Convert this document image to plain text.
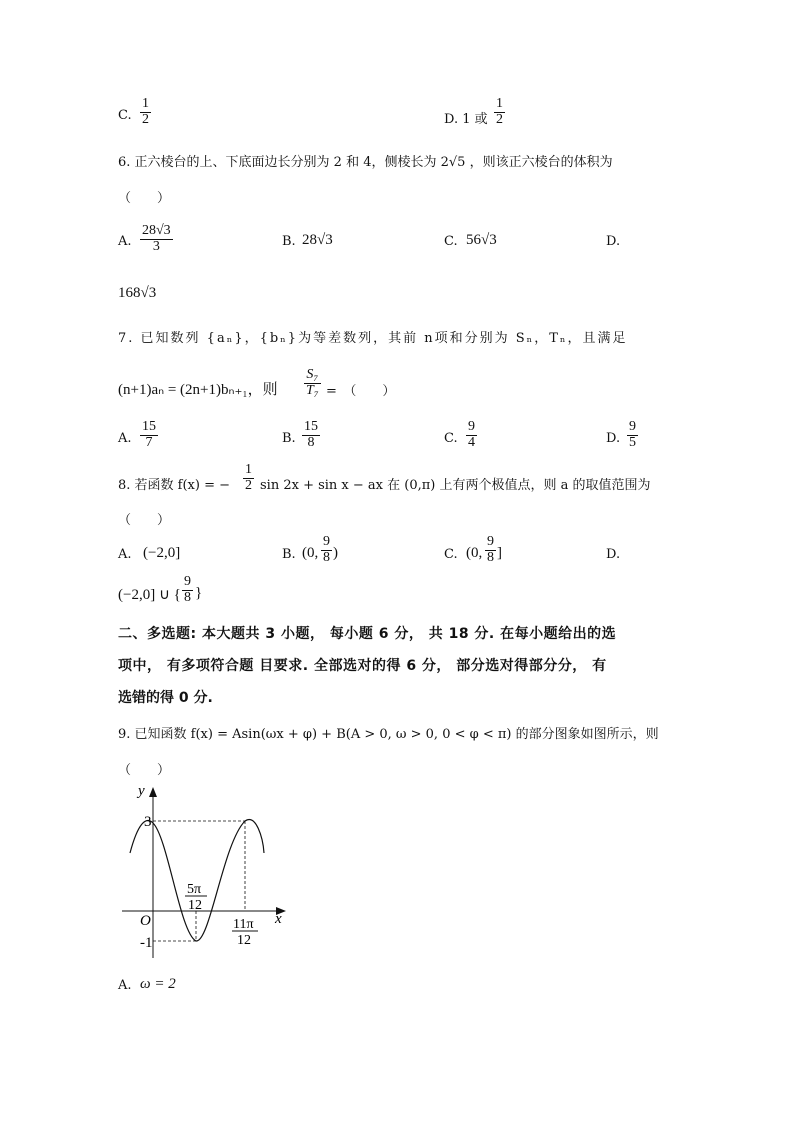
C. $\frac{1}{2}$	D. 1 或 $\frac{1}{2}$
6. 正六棱台的上、下底面边长分别为 2 和 4，侧棱长为 2√5 ，则该正六棱台的体积为
（　　）
A. $\frac{28√3}{3}$	B. 28√3	C. 56√3	D.
168√3
7. 已知数列 {aₙ}，{bₙ}为等差数列，其前 n项和分别为 Sₙ，Tₙ，且满足
(n+1)aₙ = (2n+1)bₙ₊₁，则 $\frac{\text{S₇}}{\text{T₇}}$ =　（　　）
A. $\frac{15}{7}$	B. $\frac{15}{8}$	C. $\frac{9}{4}$	D. $\frac{9}{5}$
8. 若函数 f(x) = − $\frac{1}{2}$ sin 2x + sin x − ax 在 (0,π) 上有两个极值点，则 a 的取值范围为
（　　）
A. (−2,0]	B. (0, $\frac{9}{8}$ )	C. (0, $\frac{9}{8}$ ]	D.
(−2,0] ∪ { $\frac{9}{8}$ }
二、多选题: 本大题共 3 小题， 每小题 6 分， 共 18 分. 在每小题给出的选
项中， 有多项符合题 目要求. 全部选对的得 6 分， 部分选对得部分分， 有
选错的得 0 分.
9. 已知函数 f(x) = Asin(ωx + φ) + B(A > 0, ω > 0, 0 < φ < π) 的部分图象如图所示，则
（　　）
y
x
O
3
-1
5π
12
11π
12
A. ω = 2
